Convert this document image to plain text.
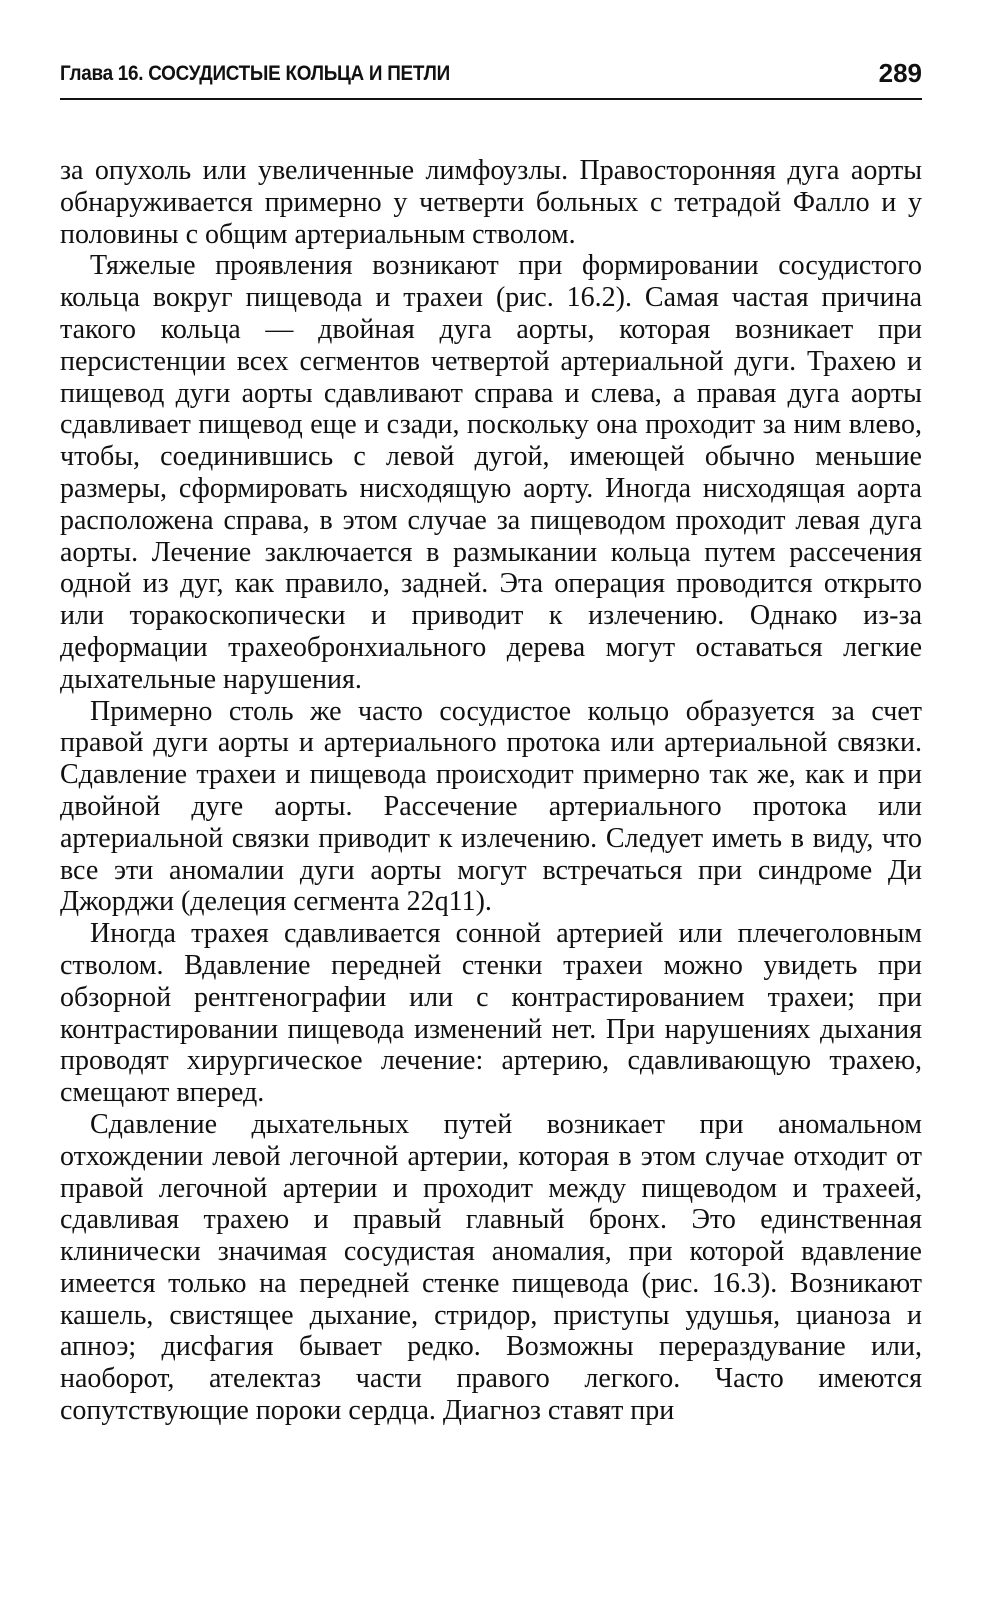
Глава 16. СОСУДИСТЫЕ КОЛЬЦА И ПЕТЛИ	289

за опухоль или увеличенные лимфоузлы. Правосторонняя дуга аорты обнаруживается примерно у четверти больных с тетрадой Фалло и у половины с общим артериальным стволом.

Тяжелые проявления возникают при формировании сосудистого кольца вокруг пищевода и трахеи (рис. 16.2). Самая частая причина такого кольца — двойная дуга аорты, которая возникает при персистенции всех сегментов четвертой артериальной дуги. Трахею и пищевод дуги аорты сдавливают справа и слева, а правая дуга аорты сдавливает пищевод еще и сзади, поскольку она проходит за ним влево, чтобы, соединившись с левой дугой, имеющей обычно меньшие размеры, сформировать нисходящую аорту. Иногда нисходящая аорта расположена справа, в этом случае за пищеводом проходит левая дуга аорты. Лечение заключается в размыкании кольца путем рассечения одной из дуг, как правило, задней. Эта операция проводится открыто или торакоскопически и приводит к излечению. Однако из-за деформации трахеобронхиального дерева могут оставаться легкие дыхательные нарушения.

Примерно столь же часто сосудистое кольцо образуется за счет правой дуги аорты и артериального протока или артериальной связки. Сдавление трахеи и пищевода происходит примерно так же, как и при двойной дуге аорты. Рассечение артериального протока или артериальной связки приводит к излечению. Следует иметь в виду, что все эти аномалии дуги аорты могут встречаться при синдроме Ди Джорджи (делеция сегмента 22q11).

Иногда трахея сдавливается сонной артерией или плечеголовным стволом. Вдавление передней стенки трахеи можно увидеть при обзорной рентгенографии или с контрастированием трахеи; при контрастировании пищевода изменений нет. При нарушениях дыхания проводят хирургическое лечение: артерию, сдавливающую трахею, смещают вперед.

Сдавление дыхательных путей возникает при аномальном отхождении левой легочной артерии, которая в этом случае отходит от правой легочной артерии и проходит между пищеводом и трахеей, сдавливая трахею и правый главный бронх. Это единственная клинически значимая сосудистая аномалия, при которой вдавление имеется только на передней стенке пищевода (рис. 16.3). Возникают кашель, свистящее дыхание, стридор, приступы удушья, цианоза и апноэ; дисфагия бывает редко. Возможны перераздувание или, наоборот, ателектаз части правого легкого. Часто имеются сопутствующие пороки сердца. Диагноз ставят при
